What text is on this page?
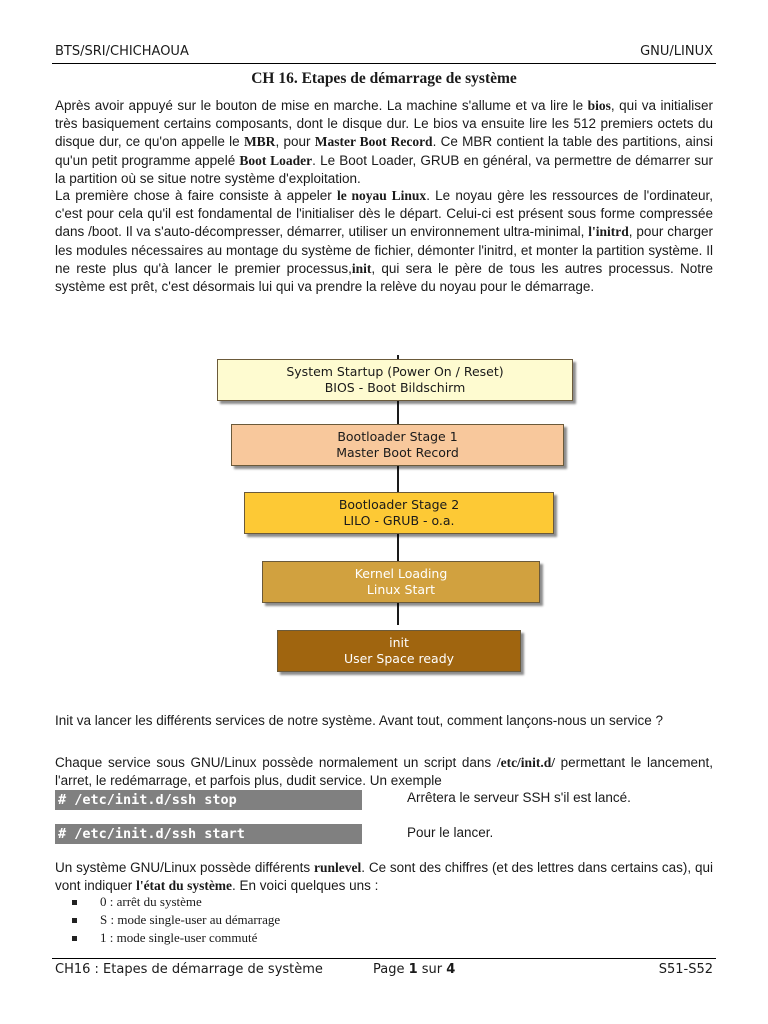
BTS/SRI/CHICHAOUA	GNU/LINUX
CH 16. Etapes de démarrage de système

Après avoir appuyé sur le bouton de mise en marche. La machine s'allume et va lire le bios, qui va initialiser très basiquement certains composants, dont le disque dur. Le bios va ensuite lire les 512 premiers octets du disque dur, ce qu'on appelle le MBR, pour Master Boot Record. Ce MBR contient la table des partitions, ainsi qu'un petit programme appelé Boot Loader. Le Boot Loader, GRUB en général, va permettre de démarrer sur la partition où se situe notre système d'exploitation.

La première chose à faire consiste à appeler le noyau Linux. Le noyau gère les ressources de l'ordinateur, c'est pour cela qu'il est fondamental de l'initialiser dès le départ. Celui-ci est présent sous forme compressée dans /boot. Il va s'auto-décompresser, démarrer, utiliser un environnement ultra-minimal, l'initrd, pour charger les modules nécessaires au montage du système de fichier, démonter l'initrd, et monter la partition système. Il ne reste plus qu'à lancer le premier processus,init, qui sera le père de tous les autres processus. Notre système est prêt, c'est désormais lui qui va prendre la relève du noyau pour le démarrage.

System Startup (Power On / Reset)
BIOS - Boot Bildschirm
Bootloader Stage 1
Master Boot Record
Bootloader Stage 2
LILO - GRUB - o.a.
Kernel Loading
Linux Start
init
User Space ready

Init va lancer les différents services de notre système. Avant tout, comment lançons-nous un service ?

Chaque service sous GNU/Linux possède normalement un script dans /etc/init.d/ permettant le lancement, l'arret, le redémarrage, et parfois plus, dudit service. Un exemple

# /etc/init.d/ssh stop	Arrêtera le serveur SSH s'il est lancé.
# /etc/init.d/ssh start	Pour le lancer.

Un système GNU/Linux possède différents runlevel. Ce sont des chiffres (et des lettres dans certains cas), qui vont indiquer l'état du système. En voici quelques uns :

0 : arrêt du système
S : mode single-user au démarrage
1 : mode single-user commuté
CH16 : Etapes de démarrage de système	Page 1 sur 4	S51-S52
